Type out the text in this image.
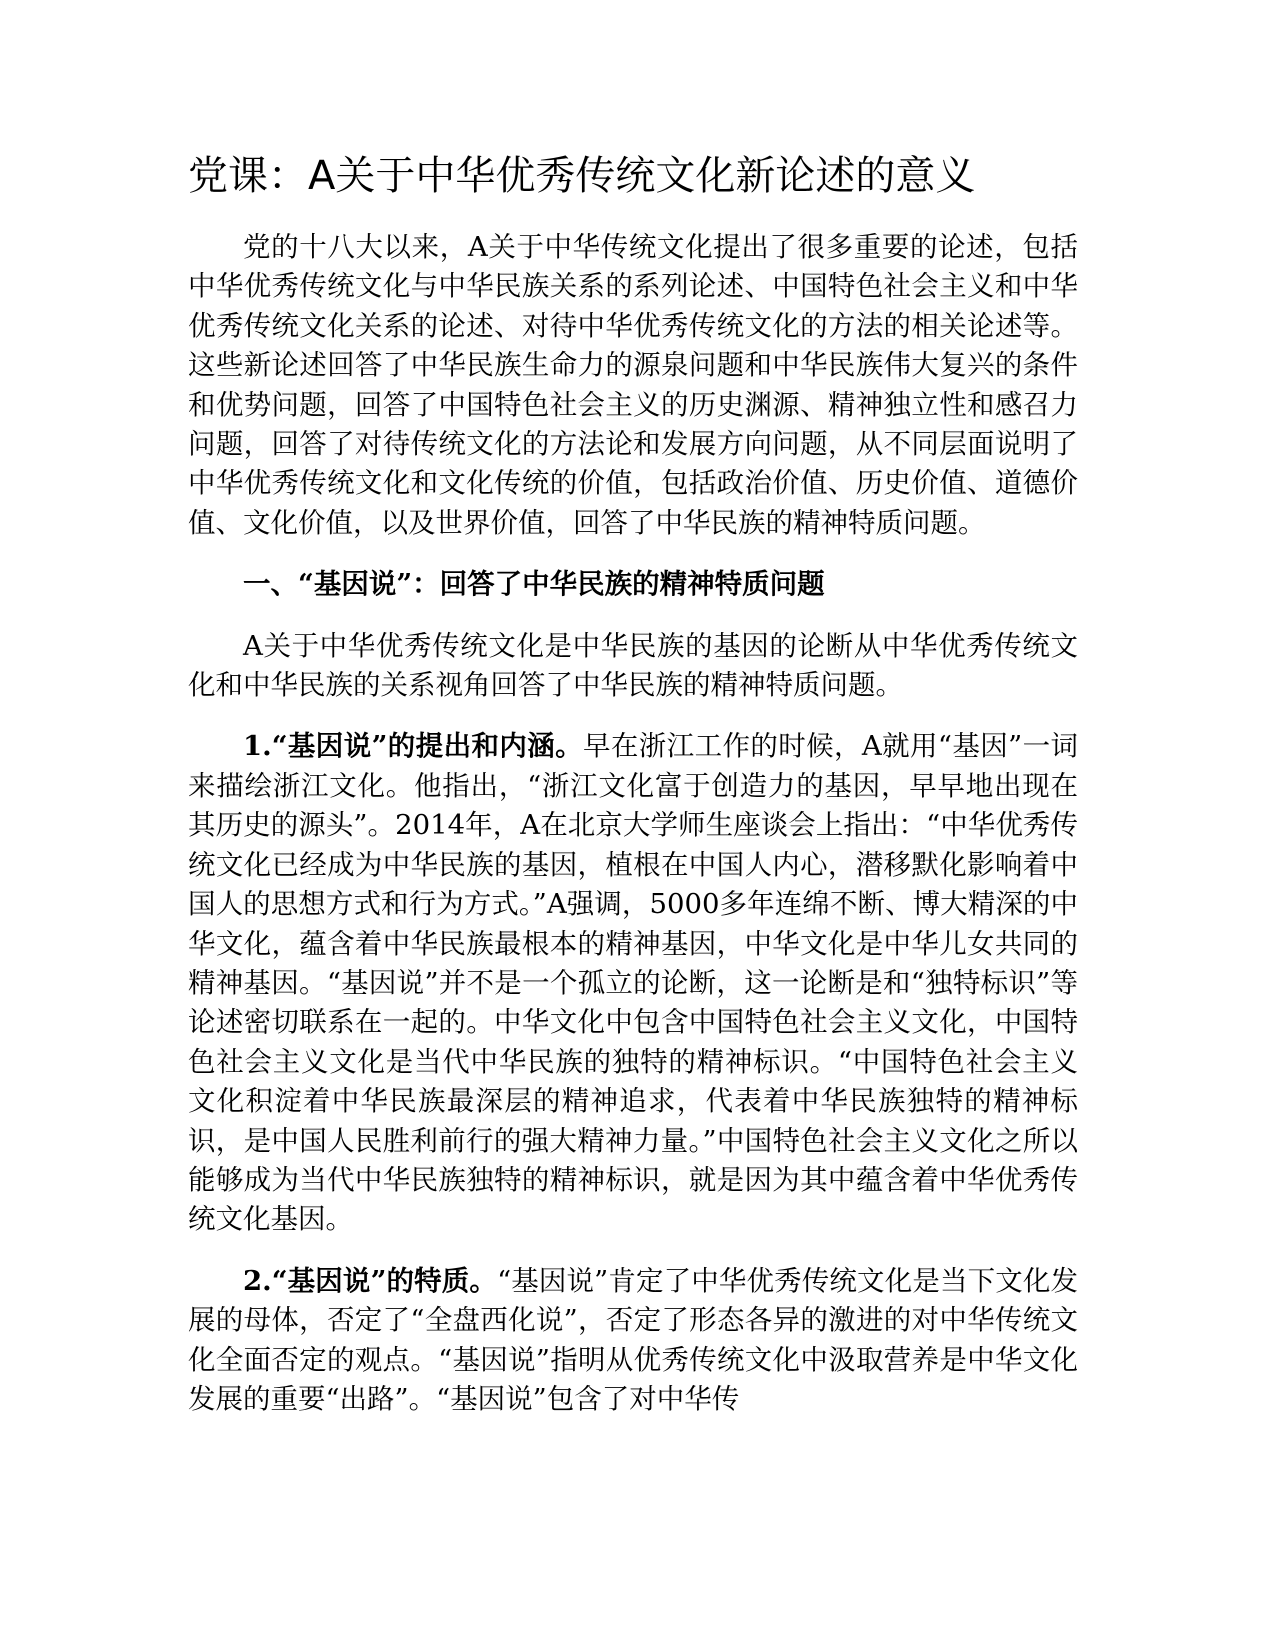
党课：A关于中华优秀传统文化新论述的意义

党的十八大以来，A关于中华传统文化提出了很多重要的论述，包括中华优秀传统文化与中华民族关系的系列论述、中国特色社会主义和中华优秀传统文化关系的论述、对待中华优秀传统文化的方法的相关论述等。这些新论述回答了中华民族生命力的源泉问题和中华民族伟大复兴的条件和优势问题，回答了中国特色社会主义的历史渊源、精神独立性和感召力问题，回答了对待传统文化的方法论和发展方向问题，从不同层面说明了中华优秀传统文化和文化传统的价值，包括政治价值、历史价值、道德价值、文化价值，以及世界价值，回答了中华民族的精神特质问题。

一、“基因说”：回答了中华民族的精神特质问题

A关于中华优秀传统文化是中华民族的基因的论断从中华优秀传统文化和中华民族的关系视角回答了中华民族的精神特质问题。

1.“基因说”的提出和内涵。早在浙江工作的时候，A就用“基因”一词来描绘浙江文化。他指出，“浙江文化富于创造力的基因，早早地出现在其历史的源头”。2014年，A在北京大学师生座谈会上指出：“中华优秀传统文化已经成为中华民族的基因，植根在中国人内心，潜移默化影响着中国人的思想方式和行为方式。”A强调，5000多年连绵不断、博大精深的中华文化，蕴含着中华民族最根本的精神基因，中华文化是中华儿女共同的精神基因。“基因说”并不是一个孤立的论断，这一论断是和“独特标识”等论述密切联系在一起的。中华文化中包含中国特色社会主义文化，中国特色社会主义文化是当代中华民族的独特的精神标识。“中国特色社会主义文化积淀着中华民族最深层的精神追求，代表着中华民族独特的精神标识，是中国人民胜利前行的强大精神力量。”中国特色社会主义文化之所以能够成为当代中华民族独特的精神标识，就是因为其中蕴含着中华优秀传统文化基因。

2.“基因说”的特质。“基因说”肯定了中华优秀传统文化是当下文化发展的母体，否定了“全盘西化说”，否定了形态各异的激进的对中华传统文化全面否定的观点。“基因说”指明从优秀传统文化中汲取营养是中华文化发展的重要“出路”。“基因说”包含了对中华传
